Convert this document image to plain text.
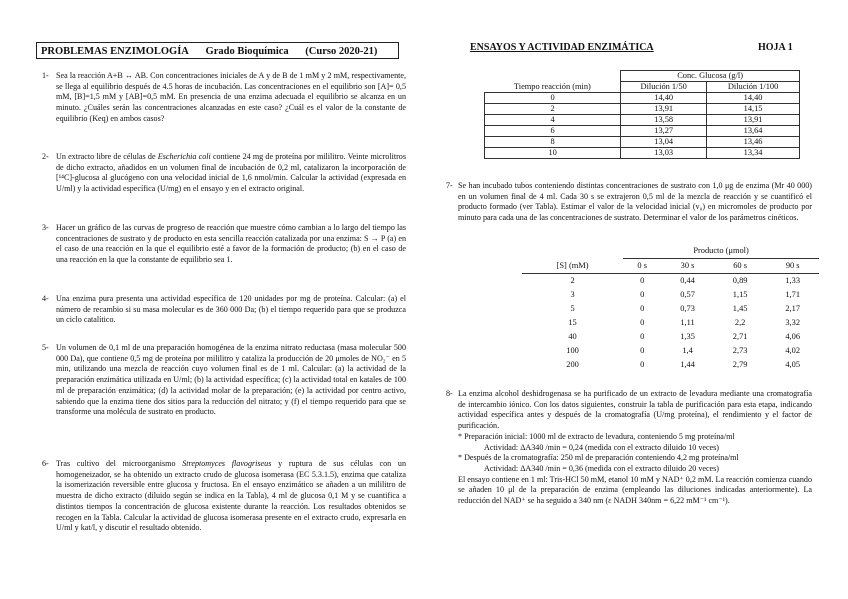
PROBLEMAS ENZIMOLOGÍA Grado Bioquímica (Curso 2020-21)	ENSAYOS Y ACTIVIDAD ENZIMÁTICA	HOJA 1
1- Sea la reacción A+B ↔ AB. Con concentraciones iniciales de A y de B de 1 mM y 2 mM, respectivamente, se llega al equilibrio después de 4.5 horas de incubación. Las concentraciones en el equilibrio son [A]= 0,5 mM, [B]=1,5 mM y [AB]=0,5 mM. En presencia de una enzima adecuada el equilibrio se alcanza en un minuto. ¿Cuáles serán las concentraciones alcanzadas en este caso? ¿Cuál es el valor de la constante de equilibrio (Keq) en ambos casos?
2- Un extracto libre de células de Escherichia coli contiene 24 mg de proteína por mililitro. Veinte microlitros de dicho extracto, añadidos en un volumen final de incubación de 0,2 ml, catalizaron la incorporación de [¹⁴C]-glucosa al glucógeno con una velocidad inicial de 1,6 nmol/min. Calcular la actividad (expresada en U/ml) y la actividad específica (U/mg) en el ensayo y en el extracto original.
3- Hacer un gráfico de las curvas de progreso de reacción que muestre cómo cambian a lo largo del tiempo las concentraciones de sustrato y de producto en esta sencilla reacción catalizada por una enzima: S → P (a) en el caso de una reacción en la que el equilibrio esté a favor de la formación de producto; (b) en el caso de una reacción en la que la constante de equilibrio sea 1.
4- Una enzima pura presenta una actividad específica de 120 unidades por mg de proteína. Calcular: (a) el número de recambio si su masa molecular es de 360 000 Da; (b) el tiempo requerido para que se produzca un ciclo catalítico.
5- Un volumen de 0,1 ml de una preparación homogénea de la enzima nitrato reductasa (masa molecular 500 000 Da), que contiene 0,5 mg de proteína por mililitro y cataliza la producción de 20 μmoles de NO₂⁻ en 5 min, utilizando una mezcla de reacción cuyo volumen final es de 1 ml. Calcular: (a) la actividad de la preparación enzimática utilizada en U/ml; (b) la actividad específica; (c) la actividad total en katales de 100 ml de preparación enzimática; (d) la actividad molar de la preparación; (e) la actividad por centro activo, sabiendo que la enzima tiene dos sitios para la reducción del nitrato; y (f) el tiempo requerido para que se transforme una molécula de sustrato en producto.
6- Tras cultivo del microorganismo Streptomyces flavogriseus y ruptura de sus células con un homogeneizador, se ha obtenido un extracto crudo de glucosa isomerasa (EC 5.3.1.5), enzima que cataliza la isomerización reversible entre glucosa y fructosa. En el ensayo enzimático se añaden a un mililitro de muestra de dicho extracto (diluido según se indica en la Tabla), 4 ml de glucosa 0,1 M y se cuantifica a distintos tiempos la concentración de glucosa existente durante la reacción. Los resultados obtenidos se recogen en la Tabla. Calcular la actividad de glucosa isomerasa presente en el extracto crudo, expresarla en U/ml y kat/l, y discutir el resultado obtenido.
Tiempo reacción (min)	Conc. Glucosa (g/l)	
	Dilución 1/50	Dilución 1/100
0	14,40	14,40
2	13,91	14,15
4	13,58	13,91
6	13,27	13,64
8	13,04	13,46
10	13,03	13,34
7- Se han incubado tubos conteniendo distintas concentraciones de sustrato con 1,0 μg de enzima (Mr 40 000) en un volumen final de 4 ml. Cada 30 s se extrajeron 0,5 ml de la mezcla de reacción y se cuantificó el producto formado (ver Tabla). Estimar el valor de la velocidad inicial (v₀) en micromoles de producto por minuto para cada una de las concentraciones de sustrato. Determinar el valor de los parámetros cinéticos.
	Producto (μmol)			
[S] (mM)	0 s	30 s	60 s	90 s
2	0	0,44	0,89	1,33
3	0	0,57	1,15	1,71
5	0	0,73	1,45	2,17
15	0	1,11	2,2	3,32
40	0	1,35	2,71	4,06
100	0	1,4	2,73	4,02
200	0	1,44	2,79	4,05
8- La enzima alcohol deshidrogenasa se ha purificado de un extracto de levadura mediante una cromatografía de intercambio iónico. Con los datos siguientes, construir la tabla de purificación para esta etapa, indicando actividad específica antes y después de la cromatografía (U/mg proteína), el rendimiento y el factor de purificación.
* Preparación inicial: 1000 ml de extracto de levadura, conteniendo 5 mg proteína/ml
Actividad: ΔA340 /min = 0,24 (medida con el extracto diluido 10 veces)
* Después de la cromatografía: 250 ml de preparación conteniendo 4,2 mg proteína/ml
Actividad: ΔA340 /min = 0,36 (medida con el extracto diluido 20 veces)
El ensayo contiene en 1 ml: Tris-HCl 50 mM, etanol 10 mM y NAD⁺ 0,2 mM. La reacción comienza cuando se añaden 10 μl de la preparación de enzima (empleando las diluciones indicadas anteriormente). La reducción del NAD⁺ se ha seguido a 340 nm (ε NADH 340nm = 6,22 mM⁻¹ cm⁻¹).
